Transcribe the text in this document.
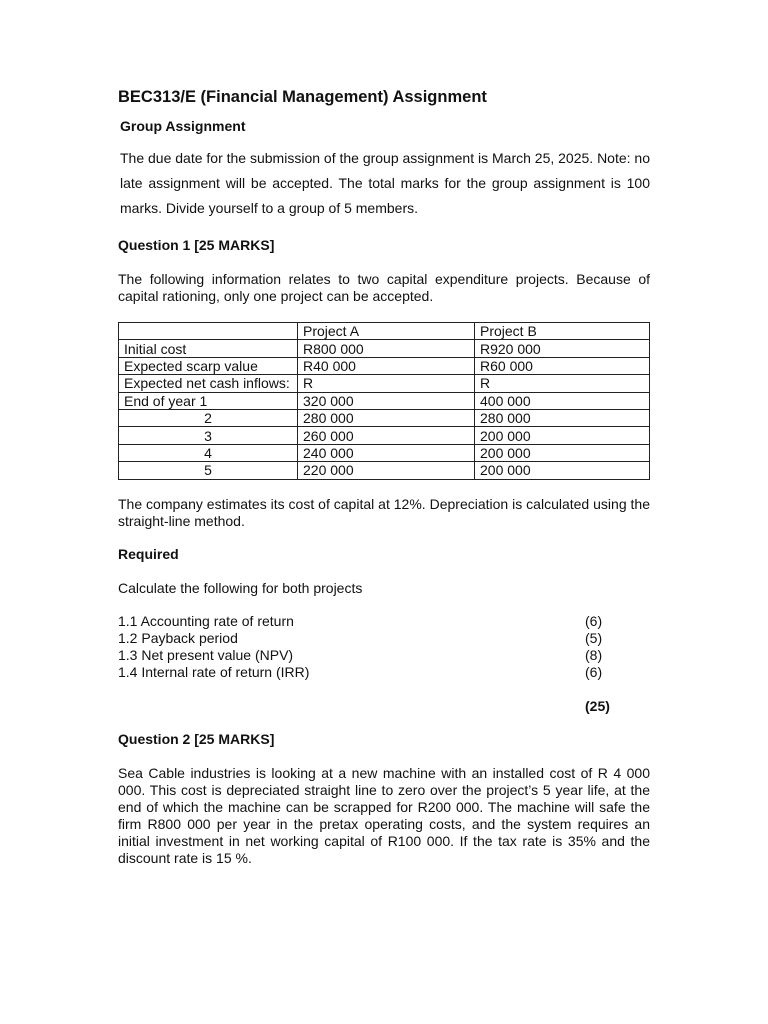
BEC313/E (Financial Management) Assignment
Group Assignment

The due date for the submission of the group assignment is March 25, 2025. Note: no late assignment will be accepted. The total marks for the group assignment is 100 marks. Divide yourself to a group of 5 members.

Question 1 [25 MARKS]

The following information relates to two capital expenditure projects. Because of capital rationing, only one project can be accepted.

	Project A	Project B
Initial cost	R800 000	R920 000
Expected scarp value	R40 000	R60 000
Expected net cash inflows:	R	R
End of year 1	320 000	400 000
2	280 000	280 000
3	260 000	200 000
4	240 000	200 000
5	220 000	200 000

The company estimates its cost of capital at 12%. Depreciation is calculated using the straight-line method.

Required
Calculate the following for both projects
1.1 Accounting rate of return	(6)
1.2 Payback period	(5)
1.3 Net present value (NPV)	(8)
1.4 Internal rate of return (IRR)	(6)
(25)
Question 2 [25 MARKS]

Sea Cable industries is looking at a new machine with an installed cost of R 4 000 000. This cost is depreciated straight line to zero over the project’s 5 year life, at the end of which the machine can be scrapped for R200 000. The machine will safe the firm R800 000 per year in the pretax operating costs, and the system requires an initial investment in net working capital of R100 000. If the tax rate is 35% and the discount rate is 15 %.
